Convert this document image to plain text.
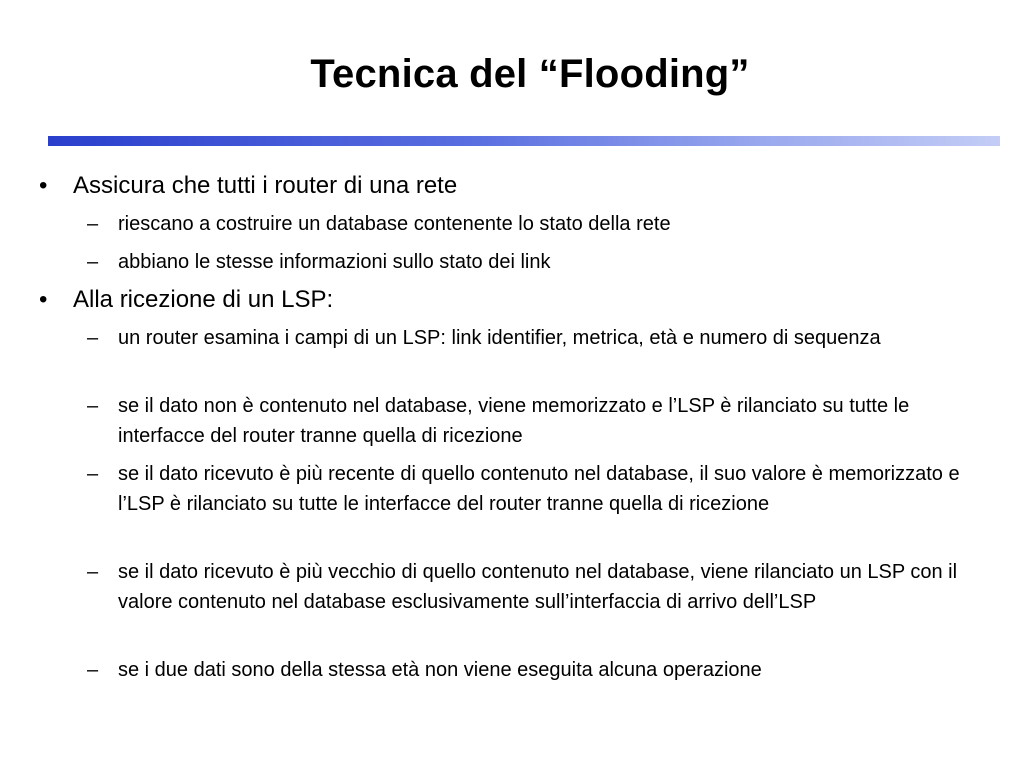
Tecnica del “Flooding”
• Assicura che tutti i router di una rete
– riescano a costruire un database contenente lo stato della rete
– abbiano le stesse informazioni sullo stato dei link
• Alla ricezione di un LSP:
– un router esamina i campi di un LSP: link identifier, metrica, età e numero di sequenza
– se il dato non è contenuto nel database, viene memorizzato e l’LSP è rilanciato su tutte le interfacce del router tranne quella di ricezione
– se il dato ricevuto è più recente di quello contenuto nel database, il suo valore è memorizzato e l’LSP è rilanciato su tutte le interfacce del router tranne quella di ricezione
– se il dato ricevuto è più vecchio di quello contenuto nel database, viene rilanciato un LSP con il valore contenuto nel database esclusivamente sull’interfaccia di arrivo dell’LSP
– se i due dati sono della stessa età non viene eseguita alcuna operazione
